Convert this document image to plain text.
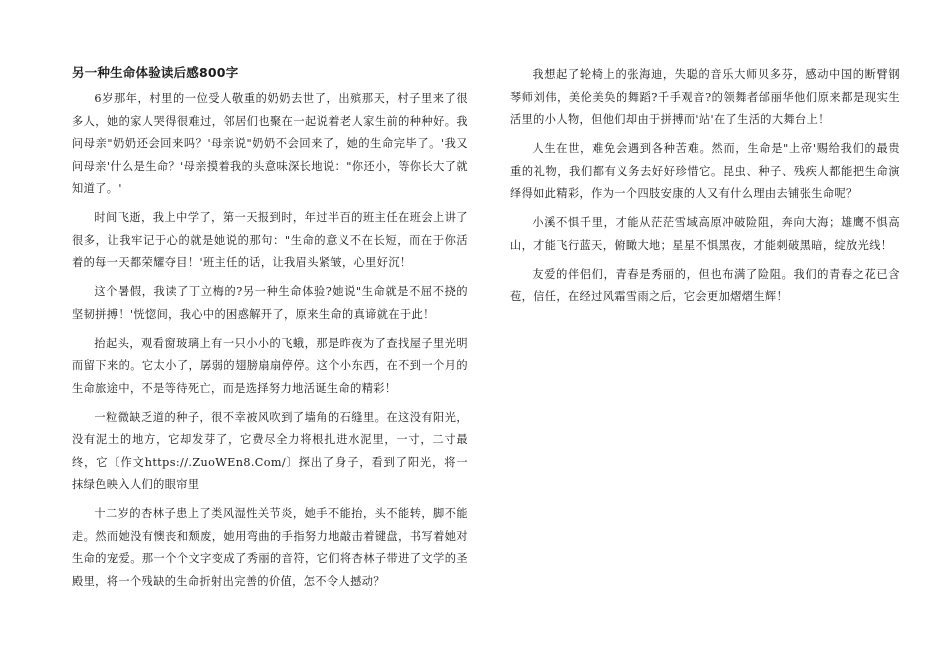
另一种生命体验读后感800字

6岁那年，村里的一位受人敬重的奶奶去世了，出殡那天，村子里来了很多人，她的家人哭得很难过，邻居们也聚在一起说着老人家生前的种种好。我问母亲"奶奶还会回来吗？'母亲说"奶奶不会回来了，她的生命完毕了。'我又问母亲'什么是生命？'母亲摸着我的头意味深长地说："你还小，等你长大了就知道了。'

时间飞逝，我上中学了，第一天报到时，年过半百的班主任在班会上讲了很多，让我牢记于心的就是她说的那句："生命的意义不在长短，而在于你活着的每一天都荣耀夺目！'班主任的话，让我眉头紧皱，心里好沉！

这个暑假，我读了丁立梅的?另一种生命体验?她说"生命就是不屈不挠的坚韧拼搏！'恍惚间，我心中的困惑解开了，原来生命的真谛就在于此！

抬起头，观看窗玻璃上有一只小小的飞蛾，那是昨夜为了查找屋子里光明而留下来的。它太小了，孱弱的翅膀扇扇停停。这个小东西，在不到一个月的生命旅途中，不是等待死亡，而是选择努力地活诞生命的精彩！

一粒微缺乏道的种子，很不幸被风吹到了墙角的石缝里。在这没有阳光，没有泥土的地方，它却发芽了，它费尽全力将根扎进水泥里，一寸，二寸最终，它〔作文https://.ZuoWEn8.Com/〕探出了身子，看到了阳光，将一抹绿色映入人们的眼帘里

十二岁的杏林子患上了类风湿性关节炎，她手不能抬，头不能转，脚不能走。然而她没有懊丧和颓废，她用弯曲的手指努力地敲击着键盘，书写着她对生命的宠爱。那一个个文字变成了秀丽的音符，它们将杏林子带进了文学的圣殿里，将一个残缺的生命折射出完善的价值，怎不令人撼动？

我想起了轮椅上的张海迪，失聪的音乐大师贝多芬，感动中国的断臂钢琴师刘伟，美伦美奂的舞蹈?千手观音?的领舞者邰丽华他们原来都是现实生活里的小人物，但他们却由于拼搏而'站'在了生活的大舞台上！

人生在世，难免会遇到各种苦难。然而，生命是"上帝'赐给我们的最贵重的礼物，我们都有义务去好好珍惜它。昆虫、种子、残疾人都能把生命演绎得如此精彩，作为一个四肢安康的人又有什么理由去铺张生命呢？

小溪不惧千里，才能从茫茫雪域高原冲破险阻，奔向大海；雄鹰不惧高山，才能飞行蓝天，俯瞰大地；星星不惧黑夜，才能刺破黑暗，绽放光线！

友爱的伴侣们，青春是秀丽的，但也布满了险阻。我们的青春之花已含苞，信任，在经过风霜雪雨之后，它会更加熠熠生辉！
